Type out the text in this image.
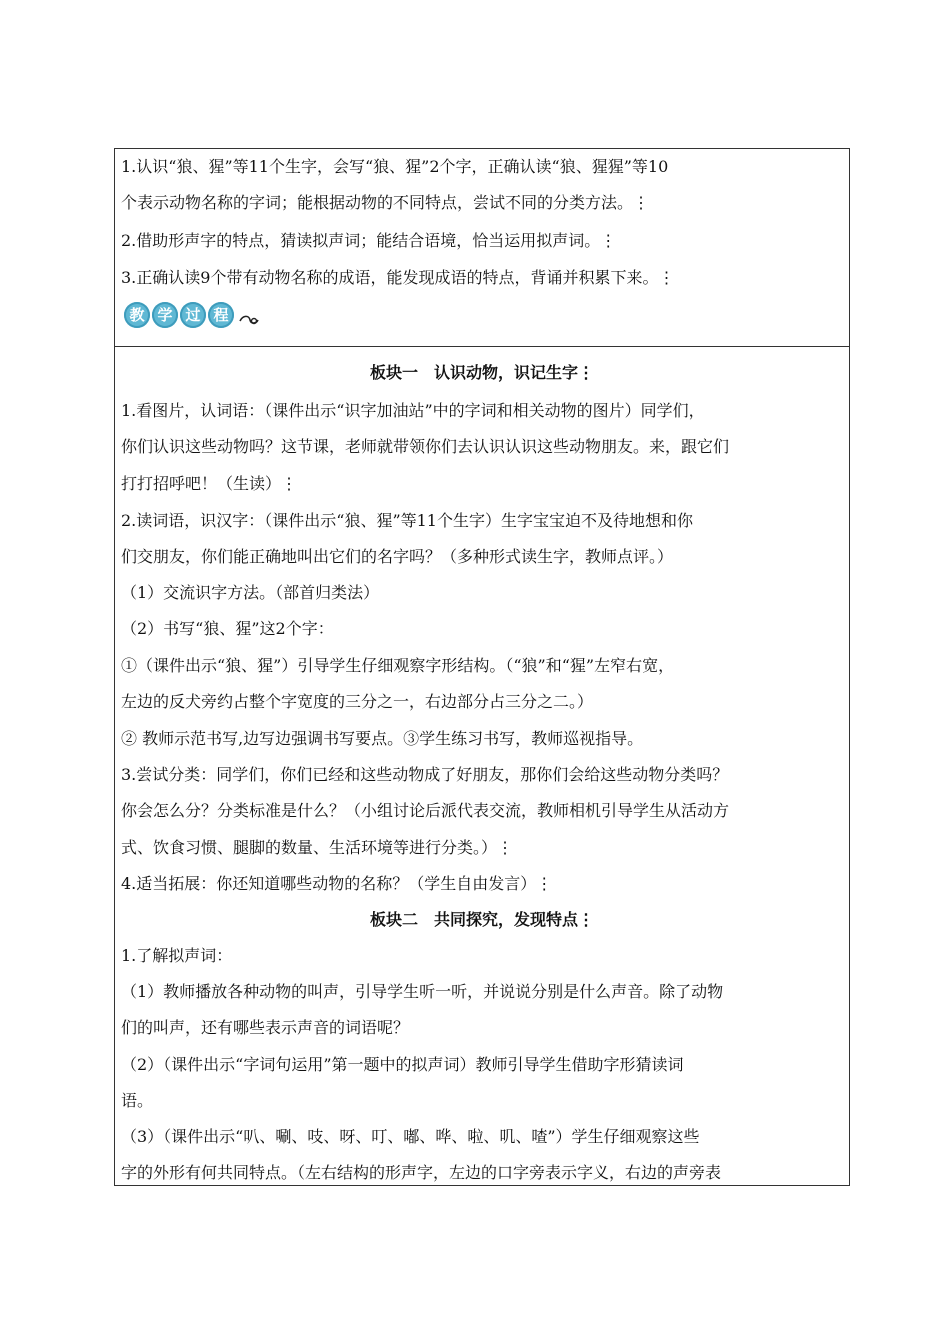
1.认识“狼、猩”等11个生字，会写“狼、猩”2个字，正确认读“狼、猩猩”等10
个表示动物名称的字词；能根据动物的不同特点，尝试不同的分类方法。⋮
2.借助形声字的特点，猜读拟声词；能结合语境，恰当运用拟声词。⋮
3.正确认读9个带有动物名称的成语，能发现成语的特点，背诵并积累下来。⋮
教 学 过 程
板块一　认识动物，识记生字⋮
1.看图片，认词语：（课件出示“识字加油站”中的字词和相关动物的图片）同学们，
你们认识这些动物吗？这节课，老师就带领你们去认识认识这些动物朋友。来，跟它们
打打招呼吧！（生读）⋮
2.读词语，识汉字：（课件出示“狼、猩”等11个生字）生字宝宝迫不及待地想和你
们交朋友，你们能正确地叫出它们的名字吗？（多种形式读生字，教师点评。）
（1）交流识字方法。（部首归类法）
（2）书写“狼、猩”这2个字：
①（课件出示“狼、猩”）引导学生仔细观察字形结构。（“狼”和“猩”左窄右宽，
左边的反犬旁约占整个字宽度的三分之一，右边部分占三分之二。）
② 教师示范书写,边写边强调书写要点。③学生练习书写，教师巡视指导。
3.尝试分类：同学们，你们已经和这些动物成了好朋友，那你们会给这些动物分类吗？
你会怎么分？分类标准是什么？（小组讨论后派代表交流，教师相机引导学生从活动方
式、饮食习惯、腿脚的数量、生活环境等进行分类。）⋮
4.适当拓展：你还知道哪些动物的名称？（学生自由发言）⋮
板块二　共同探究，发现特点⋮
1.了解拟声词：
（1）教师播放各种动物的叫声，引导学生听一听，并说说分别是什么声音。除了动物
们的叫声，还有哪些表示声音的词语呢？
（2）（课件出示“字词句运用”第一题中的拟声词）教师引导学生借助字形猜读词
语。
（3）（课件出示“叭、唰、吱、呀、叮、嘟、哗、啦、叽、喳”）学生仔细观察这些
字的外形有何共同特点。（左右结构的形声字，左边的口字旁表示字义，右边的声旁表
